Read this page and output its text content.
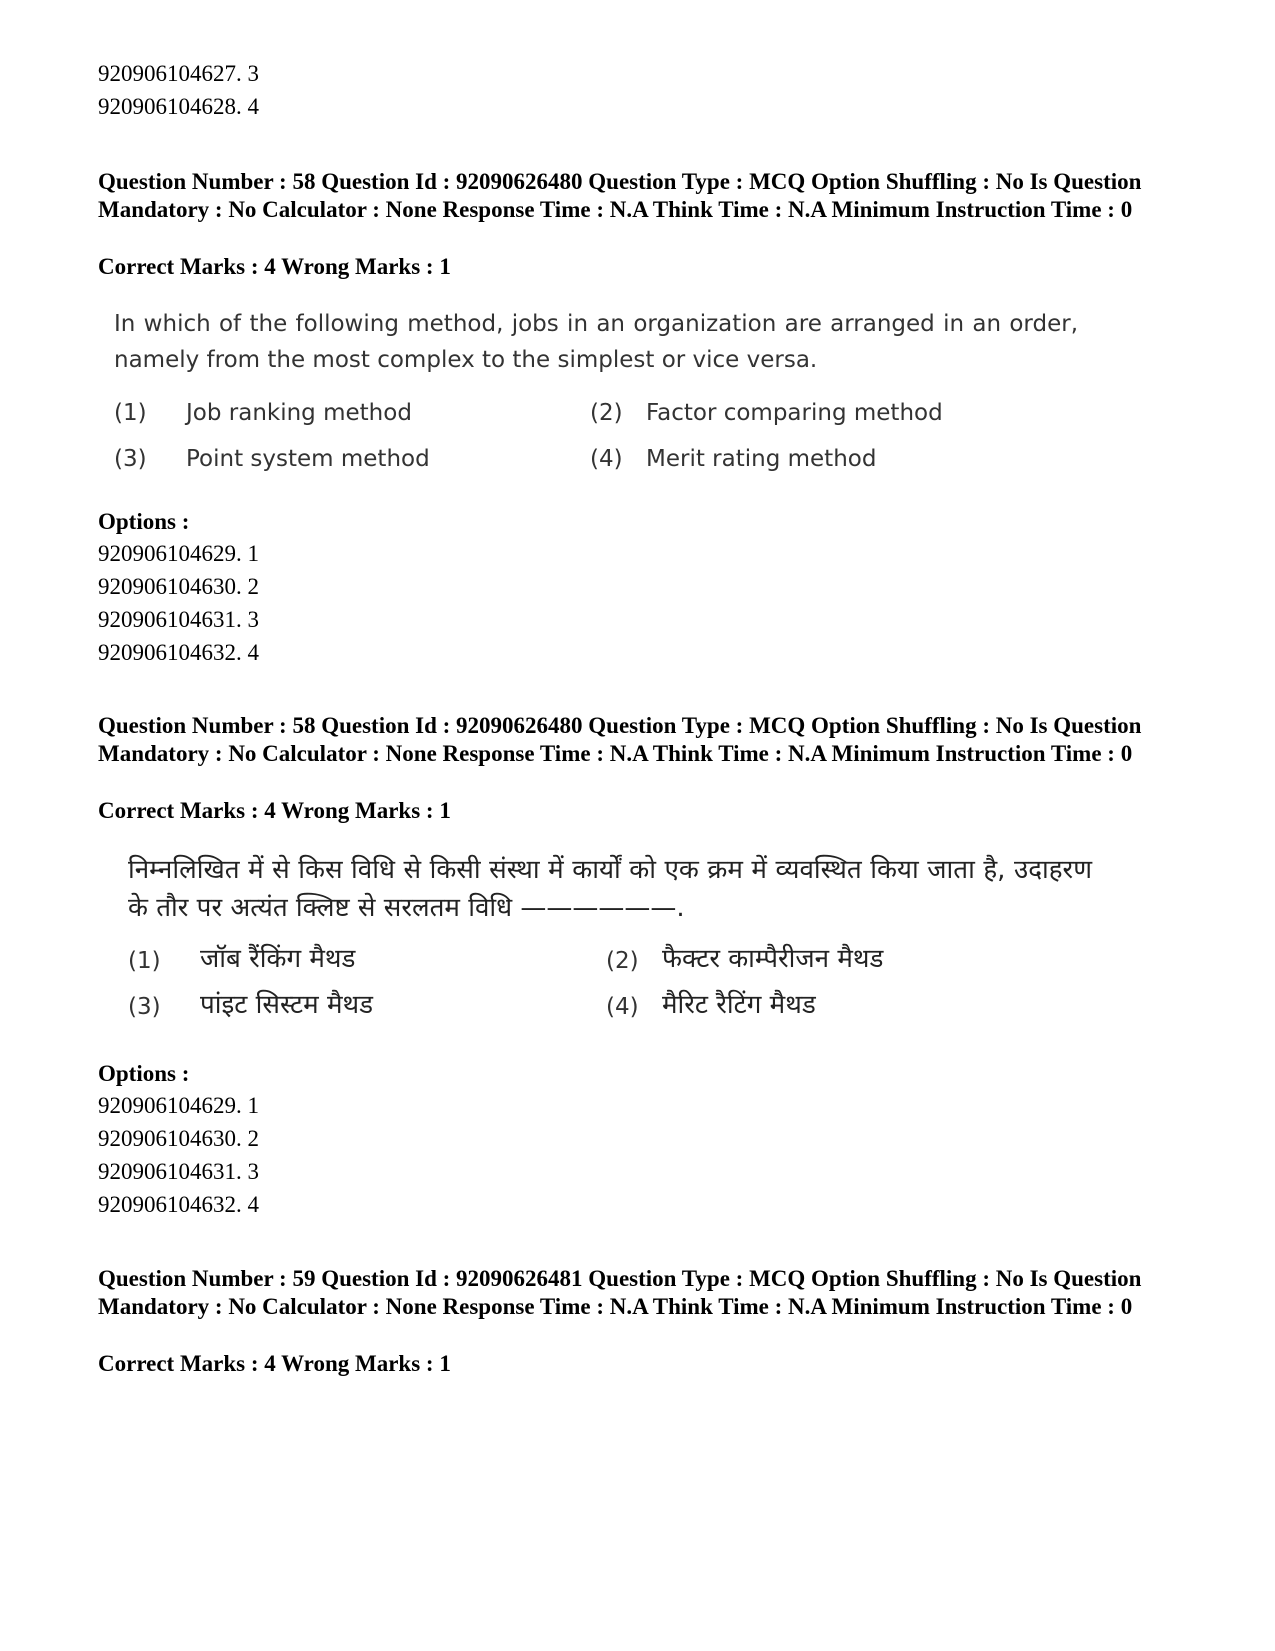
920906104627. 3
920906104628. 4
Question Number : 58 Question Id : 92090626480 Question Type : MCQ Option Shuffling : No Is Question Mandatory : No Calculator : None Response Time : N.A Think Time : N.A Minimum Instruction Time : 0
Correct Marks : 4 Wrong Marks : 1
In which of the following method, jobs in an organization are arranged in an order, namely from the most complex to the simplest or vice versa.
(1) Job ranking method	(2) Factor comparing method
(3) Point system method	(4) Merit rating method
Options :
920906104629. 1
920906104630. 2
920906104631. 3
920906104632. 4
Question Number : 58 Question Id : 92090626480 Question Type : MCQ Option Shuffling : No Is Question Mandatory : No Calculator : None Response Time : N.A Think Time : N.A Minimum Instruction Time : 0
Correct Marks : 4 Wrong Marks : 1
निम्नलिखित में से किस विधि से किसी संस्था में कार्यों को एक क्रम में व्यवस्थित किया जाता है, उदाहरण के तौर पर अत्यंत क्लिष्ट से सरलतम विधि ——————.
(1) जॉब रैंकिंग मैथड	(2) फैक्टर काम्पैरीजन मैथड
(3) पांइट सिस्टम मैथड	(4) मैरिट रैटिंग मैथड
Options :
920906104629. 1
920906104630. 2
920906104631. 3
920906104632. 4
Question Number : 59 Question Id : 92090626481 Question Type : MCQ Option Shuffling : No Is Question Mandatory : No Calculator : None Response Time : N.A Think Time : N.A Minimum Instruction Time : 0
Correct Marks : 4 Wrong Marks : 1
